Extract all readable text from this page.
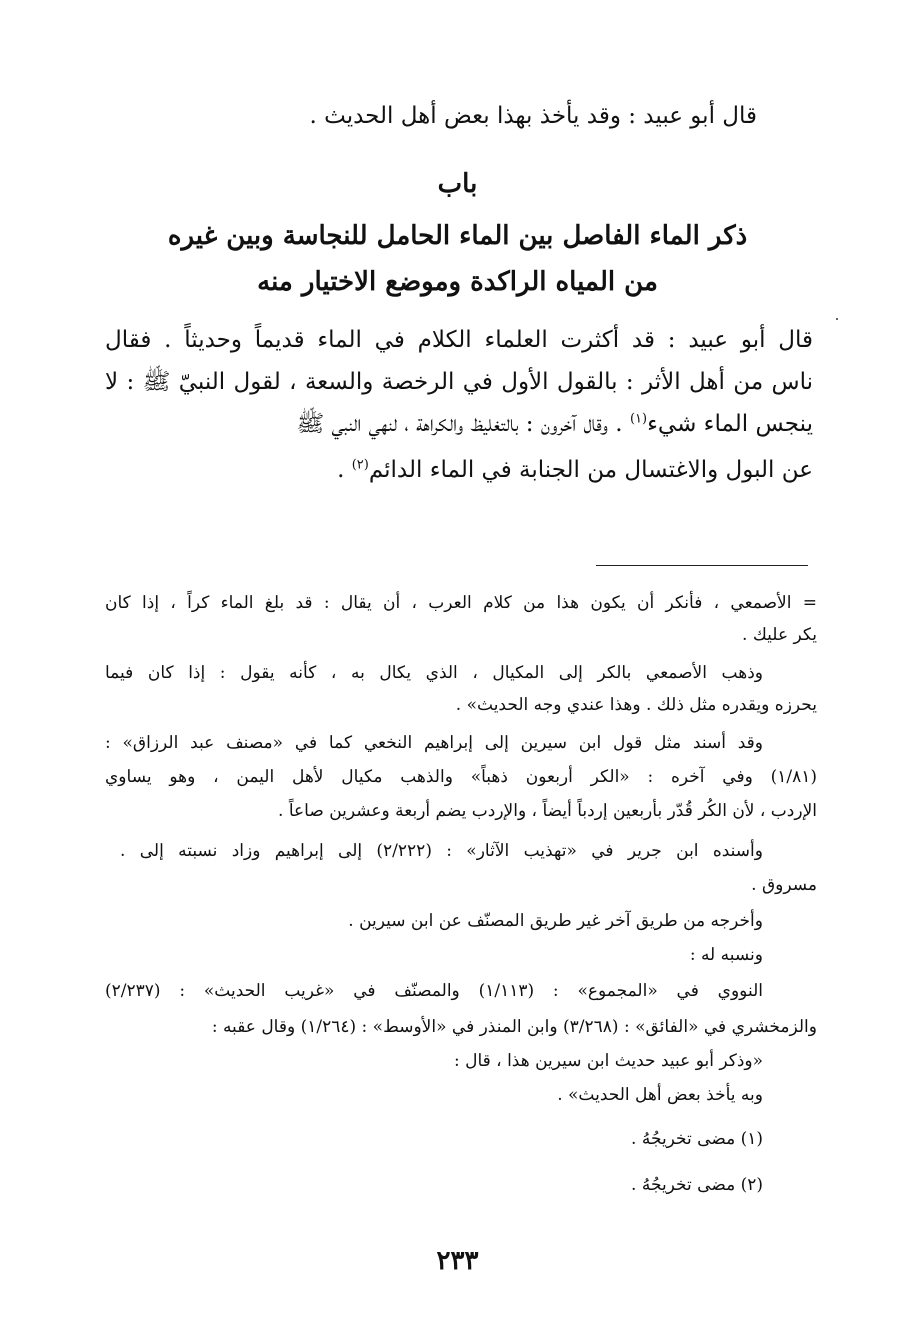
قال أبو عبيد : وقد يأخذ بهذا بعض أهل الحديث .
باب
ذكر الماء الفاصل بين الماء الحامل للنجاسة وبين غيره
من المياه الراكدة وموضع الاختيار منه
قال أبو عبيد : قد أكثرت العلماء الكلام في الماء قديماً وحديثاً . فقال
ناس من أهل الأثر : بالقول الأول في الرخصة والسعة ، لقول النبيّ ﷺ : لا
ينجس الماء شيء$^{(١)}$ . وقال آخرون : بالتغليظ والكراهة ، لنهي النبي ﷺ
عن البول والاغتسال من الجنابة في الماء الدائم$^{(٢)}$ .
= الأصمعي ، فأنكر أن يكون هذا من كلام العرب ، أن يقال : قد بلغ الماء كراً ، إذا كان
يكر عليك .
وذهب الأصمعي بالكر إلى المكيال ، الذي يكال به ، كأنه يقول : إذا كان فيما
يحرزه ويقدره مثل ذلك . وهذا عندي وجه الحديث» .
وقد أسند مثل قول ابن سيرين إلى إبراهيم النخعي كما في «مصنف عبد الرزاق» :
(١/٨١) وفي آخره : «الكر أربعون ذهباً» والذهب مكيال لأهل اليمن ، وهو يساوي
الإردب ، لأن الكُر قُدّر بأربعين إردباً أيضاً ، والإردب يضم أربعة وعشرين صاعاً .
وأسنده ابن جرير في «تهذيب الآثار» : (٢/٢٢٢) إلى إبراهيم وزاد نسبته إلى .
مسروق .
وأخرجه من طريق آخر غير طريق المصنّف عن ابن سيرين .
ونسبه له :
النووي في «المجموع» : (١/١١٣) والمصنّف في «غريب الحديث» : (٢/٢٣٧)
والزمخشري في «الفائق» : (٣/٢٦٨) وابن المنذر في «الأوسط» : (١/٢٦٤) وقال عقبه :
«وذكر أبو عبيد حديث ابن سيرين هذا ، قال :
وبه يأخذ بعض أهل الحديث» .
(١) مضى تخريجُهُ .
(٢) مضى تخريجُهُ .
٢٣٣
